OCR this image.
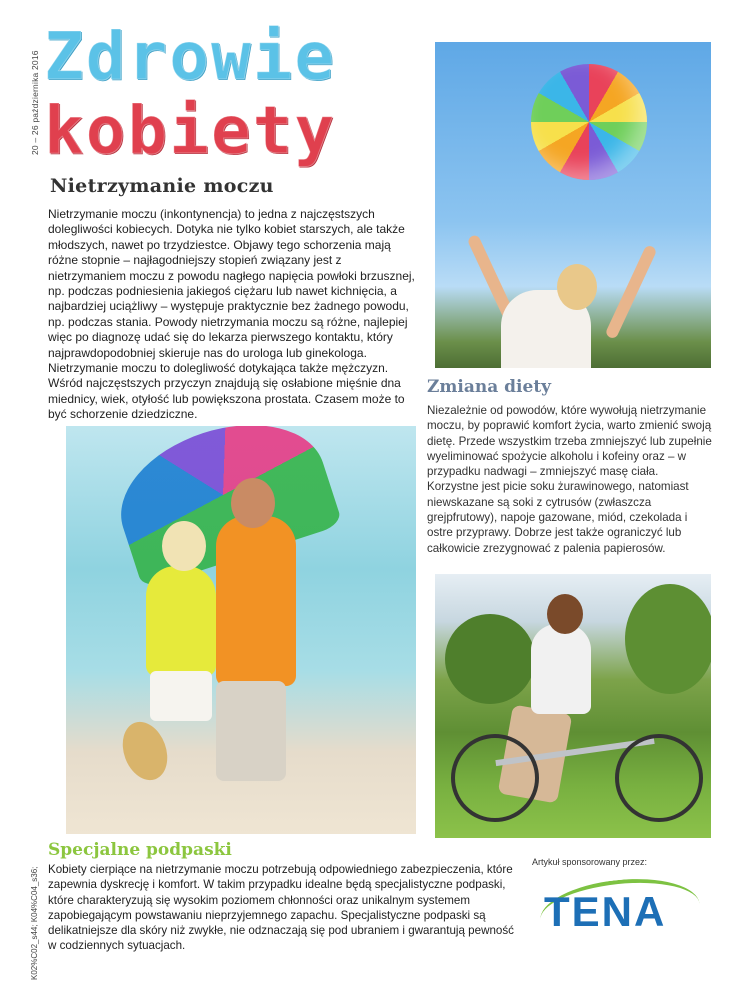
20 – 26 października 2016
K02%C02_s44; K04%C04_s36;
Zdrowie
kobiety
Nietrzymanie moczu
Nietrzymanie moczu (inkontynencja) to jedna z najczęstszych dolegliwości kobiecych. Dotyka nie tylko kobiet starszych, ale także młodszych, nawet po trzydziestce. Objawy tego schorzenia mają różne stopnie – najłagodniejszy stopień związany jest z nietrzymaniem moczu z powodu nagłego napięcia powłoki brzusznej, np. podczas podniesienia jakiegoś ciężaru lub nawet kichnięcia, a najbardziej uciążliwy – występuje praktycznie bez żadnego powodu, np. podczas stania. Powody nietrzymania moczu są różne, najlepiej więc po diagnozę udać się do lekarza pierwszego kontaktu, który najprawdopodobniej skieruje nas do urologa lub ginekologa. Nietrzymanie moczu to dolegliwość dotykająca także mężczyzn. Wśród najczęstszych przyczyn znajdują się osłabione mięśnie dna miednicy, wiek, otyłość lub powiększona prostata. Czasem może to być schorzenie dziedziczne.
Zmiana diety
Niezależnie od powodów, które wywołują nietrzymanie moczu, by poprawić komfort życia, warto zmienić swoją dietę. Przede wszystkim trzeba zmniejszyć lub zupełnie wyeliminować spożycie alkoholu i kofeiny oraz – w przypadku nadwagi – zmniejszyć masę ciała. Korzystne jest picie soku żurawinowego, natomiast niewskazane są soki z cytrusów (zwłaszcza grejpfrutowy), napoje gazowane, miód, czekolada i ostre przyprawy. Dobrze jest także ograniczyć lub całkowicie zrezygnować z palenia papierosów.
Specjalne podpaski
Kobiety cierpiące na nietrzymanie moczu potrzebują odpowiedniego zabezpieczenia, które zapewnia dyskrecję i komfort. W takim przypadku idealne będą specjalistyczne podpaski, które charakteryzują się wysokim poziomem chłonności oraz unikalnym systemem zapobiegającym powstawaniu nieprzyjemnego zapachu. Specjalistyczne podpaski są delikatniejsze dla skóry niż zwykłe, nie odznaczają się pod ubraniem i gwarantują pewność w codziennych sytuacjach.
Artykuł sponsorowany przez:
TENA
